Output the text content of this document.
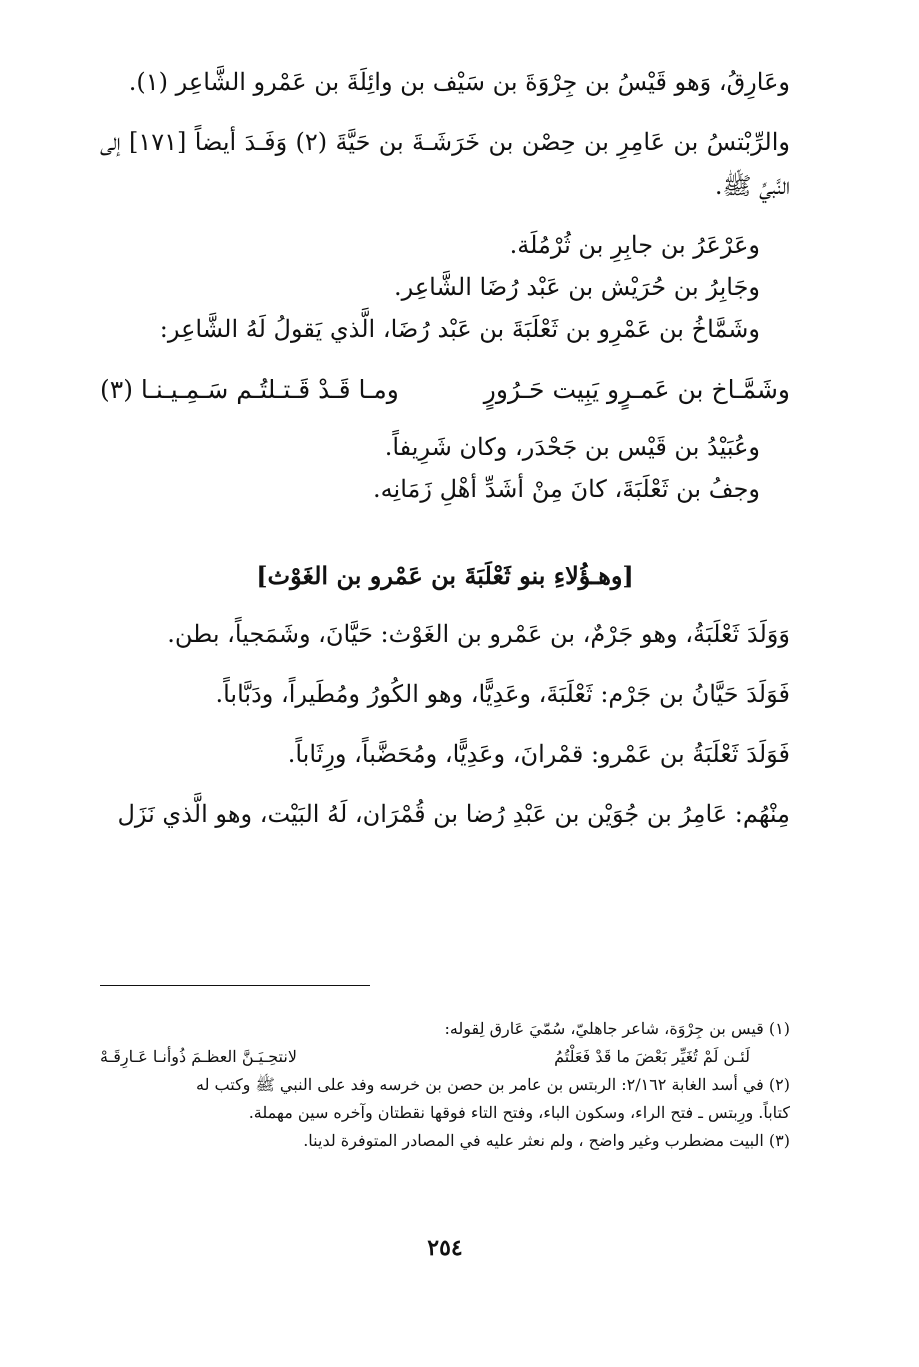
وعَارِقُ، وَهو قَيْسُ بن جِرْوَةَ بن سَيْف بن وائِلَةَ بن عَمْرو الشَّاعِر (١).

والرِّبْتسُ بن عَامِرِ بن حِصْن بن خَرَشَـةَ بن حَيَّةَ (٢) وَفَـدَ أيضاً [١٧١] إلى النَّبيِّ ﷺ.

وعَرْعَرُ بن جابِرِ بن ثُرْمُلَة.

وجَابِرُ بن حُرَيْش بن عَبْد رُضَا الشَّاعِر.

وشَمَّاخُ بن عَمْرِو بن ثَعْلَبَةَ بن عَبْد رُضَا، الَّذي يَقولُ لَهُ الشَّاعِر:

وشَمَّـاخ بن عَمـرٍو يَبِيت حَـرُورٍ
ومـا قَـدْ قَـتـلتُـم سَـمِـيـنـا (٣)

وعُبَيْدُ بن قَيْس بن جَحْدَر، وكان شَرِيفاً.

وجفُ بن ثَعْلَبَةَ، كانَ مِنْ أشَدِّ أهْلِ زَمَانِه.

[وهـؤُلاءِ بنو ثَعْلَبَةَ بن عَمْرو بن الغَوْث]

وَوَلَدَ ثَعْلَبَةُ، وهو جَرْمٌ، بن عَمْرو بن الغَوْث: حَيَّانَ، وشَمَجياً، بطن.

فَوَلَدَ حَيَّانُ بن جَرْم: ثَعْلَبَةَ، وعَدِيًّا، وهو الكُورُ ومُطَيراً، ودَبَّاباً.

فَوَلَدَ ثَعْلَبَةُ بن عَمْرو: قمْرانَ، وعَدِيًّا، ومُحَضَّباً، ورِثَاباً.

مِنْهُم: عَامِرُ بن جُوَيْن بن عَبْدِ رُضا بن قُمْرَان، لَهُ البَيْت، وهو الَّذي نَزَل

(١) قيس بن جِرْوَة، شاعر جاهليّ، سُمّيَ عَارق لِقوله:

لَئـن لَمْ تُغَيِّر بَعْضَ ما قَدْ فَعَلْتُمُ
لانتحِـيَـنَّ العظـمَ ذُوأنـا عَـارِقَـهْ

(٢) في أسد الغابة ٢/١٦٢: الربتس بن عامر بن حصن بن خرسه وفد على النبي ﷺ وكتب له

كتاباً. ورِبتس ـ فتح الراء، وسكون الباء، وفتح التاء فوقها نقطتان وآخره سين مهملة.

(٣) البيت مضطرب وغير واضح ، ولم نعثر عليه في المصادر المتوفرة لدينا.

٢٥٤
